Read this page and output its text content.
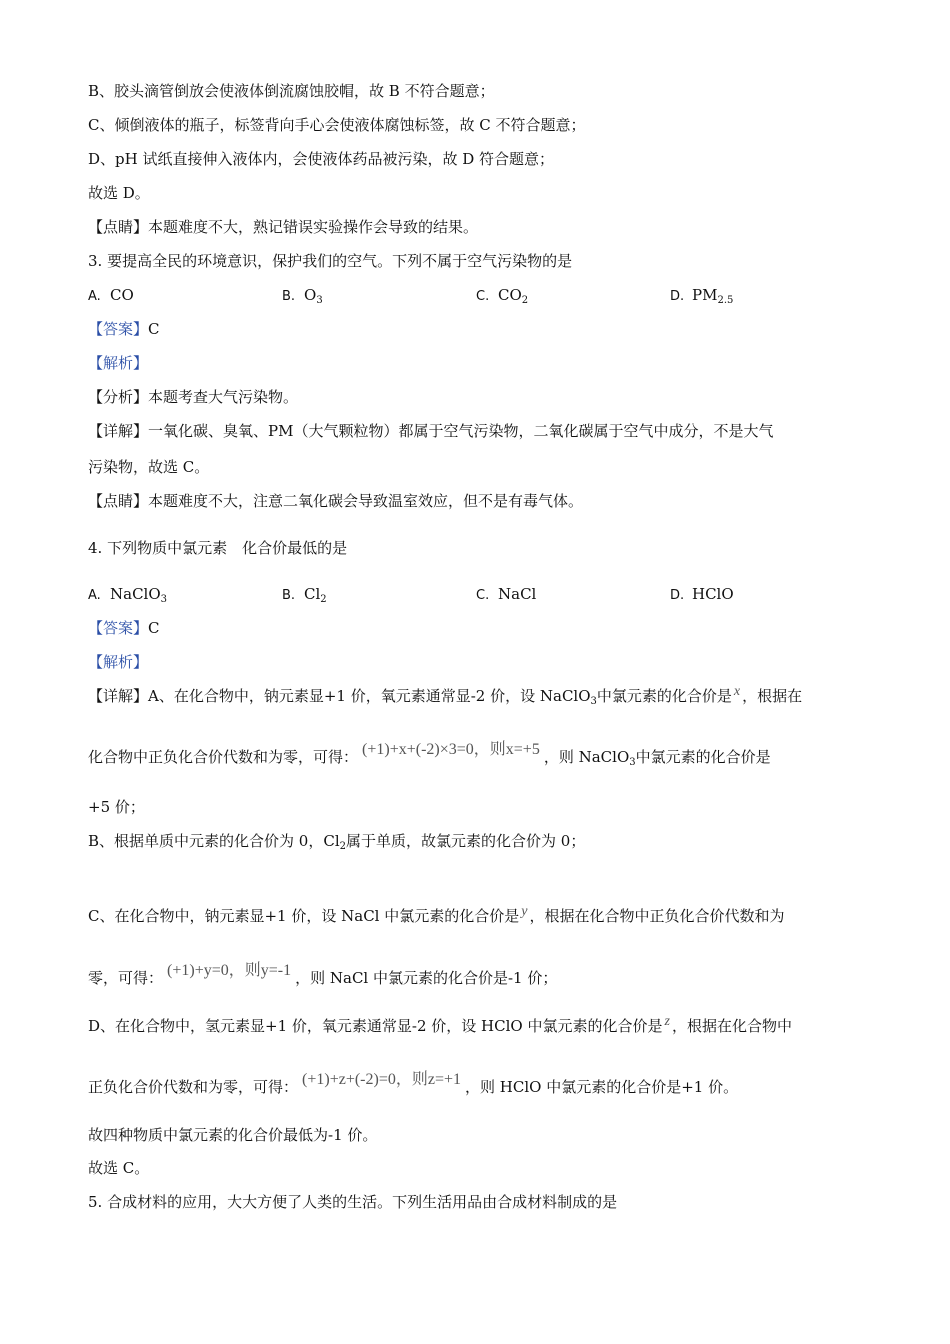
B、胶头滴管倒放会使液体倒流腐蚀胶帽，故 B 不符合题意；
C、倾倒液体的瓶子，标签背向手心会使液体腐蚀标签，故 C 不符合题意；
D、pH 试纸直接伸入液体内，会使液体药品被污染，故 D 符合题意；
故选 D。
【点睛】本题难度不大，熟记错误实验操作会导致的结果。
3. 要提高全民的环境意识，保护我们的空气。下列不属于空气污染物的是
A. CO	B. $O_3$	C. $CO_2$	D. $PM_{2.5}$
【答案】C
【解析】
【分析】本题考查大气污染物。
【详解】一氧化碳、臭氧、PM（大气颗粒物）都属于空气污染物，二氧化碳属于空气中成分，不是大气
污染物，故选 C。
【点睛】本题难度不大，注意二氧化碳会导致温室效应，但不是有毒气体。
4. 下列物质中氯元素　化合价最低的是
A. NaClO$_3$	B. $Cl_2$	C. NaCl	D. HClO
【答案】C
【解析】
【详解】A、在化合物中，钠元素显+1 价，氧元素通常显-2 价，设 NaClO$_3$中氯元素的化合价是 x ，根据在
化合物中正负化合价代数和为零，可得： (+1)+x+(-2)×3=0，则x=+5 ，则 NaClO$_3$中氯元素的化合价是
+5 价；
B、根据单质中元素的化合价为 0，$Cl_2$属于单质，故氯元素的化合价为 0；
C、在化合物中，钠元素显+1 价，设 NaCl 中氯元素的化合价是 y ，根据在化合物中正负化合价代数和为
零，可得： (+1)+y=0，则y=-1 ，则 NaCl 中氯元素的化合价是-1 价；
D、在化合物中，氢元素显+1 价，氧元素通常显-2 价，设 HClO 中氯元素的化合价是 z ，根据在化合物中
正负化合价代数和为零，可得： (+1)+z+(-2)=0，则z=+1 ，则 HClO 中氯元素的化合价是+1 价。
故四种物质中氯元素的化合价最低为-1 价。
故选 C。
5. 合成材料的应用，大大方便了人类的生活。下列生活用品由合成材料制成的是
